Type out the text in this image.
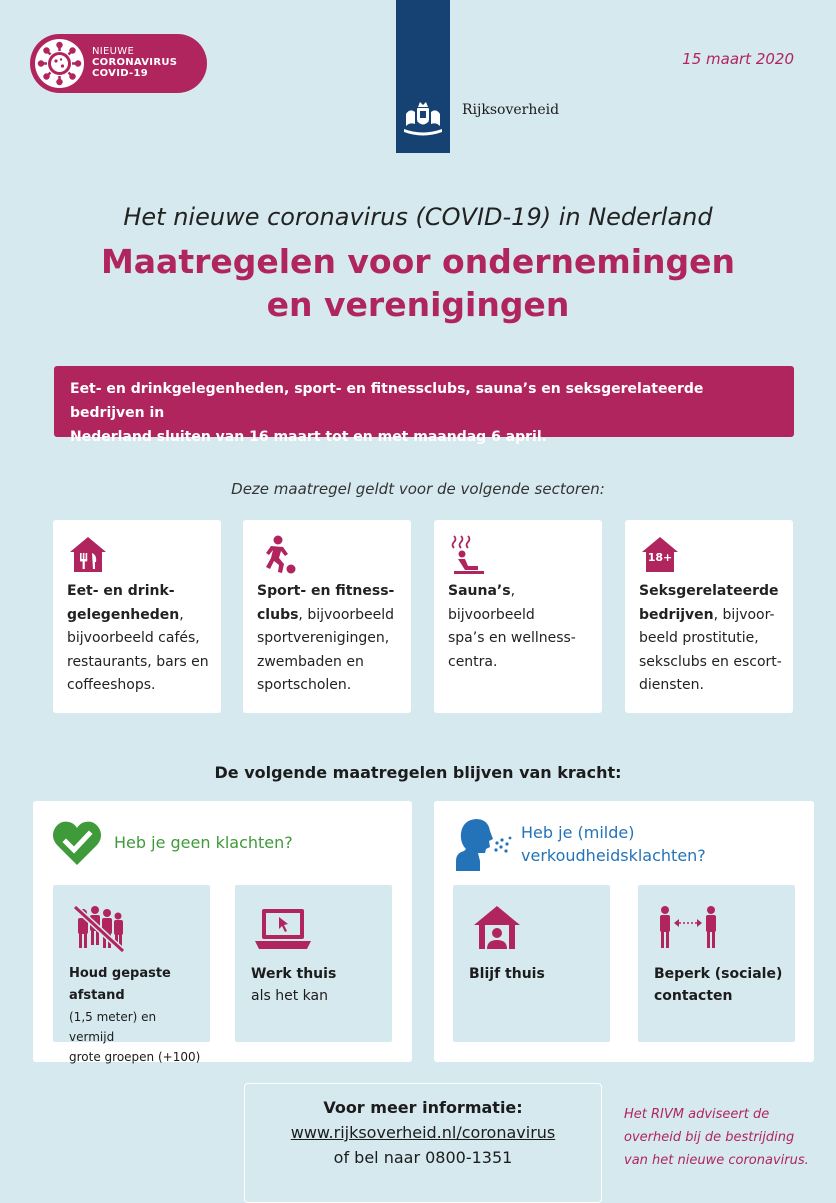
NIEUWE
CORONAVIRUS
COVID-19
15 maart 2020
Rijksoverheid
Het nieuwe coronavirus (COVID-19) in Nederland
Maatregelen voor ondernemingen
en verenigingen
Eet- en drinkgelegenheden, sport- en fitnessclubs, sauna’s en seksgerelateerde bedrijven in
Nederland sluiten van 16 maart tot en met maandag 6 april.
Deze maatregel geldt voor de volgende sectoren:
Eet- en drink-
gelegenheden,
bijvoorbeeld cafés,
restaurants, bars en
coffeeshops.
Sport- en fitness-
clubs, bijvoorbeeld
sportverenigingen,
zwembaden en
sportscholen.
Sauna’s, bijvoorbeeld
spa’s en wellness-
centra.
18+
Seksgerelateerde
bedrijven, bijvoor-
beeld prostitutie,
seksclubs en escort-
diensten.
De volgende maatregelen blijven van kracht:
Heb je geen klachten?
Houd gepaste afstand
(1,5 meter) en vermijd
grote groepen (+100)
Werk thuis
als het kan
Heb je (milde)
verkoudheidsklachten?
Blijf thuis	Beperk (sociale)
contacten
Voor meer informatie:
www.rijksoverheid.nl/coronavirus
of bel naar 0800-1351
Het RIVM adviseert de
overheid bij de bestrijding
van het nieuwe coronavirus.
